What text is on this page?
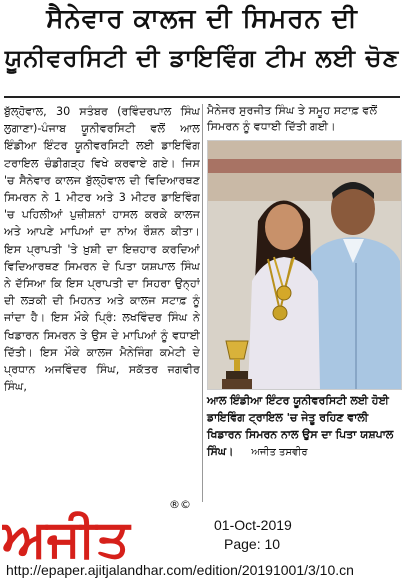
ਸੈਨੇਵਾਰ ਕਾਲਜ ਦੀ ਸਿਮਰਨ ਦੀ
ਯੂਨੀਵਰਸਿਟੀ ਦੀ ਡਾਇਵਿੰਗ ਟੀਮ ਲਈ ਚੋਣ

ਬੁੱਲ੍ਹੋਵਾਲ, 30 ਸਤੰਬਰ (ਰਵਿੰਦਰਪਾਲ ਸਿੰਘ ਲੁਗਾਣਾ)-ਪੰਜਾਬ ਯੂਨੀਵਰਸਿਟੀ ਵਲੋਂ ਆਲ ਇੰਡੀਆ ਇੰਟਰ ਯੂਨੀਵਰਸਿਟੀ ਲਈ ਡਾਇਵਿੰਗ ਟਰਾਇਲ ਚੰਡੀਗੜ੍ਹ ਵਿਖੇ ਕਰਵਾਏ ਗਏ। ਜਿਸ 'ਚ ਸੈਨੇਵਾਰ ਕਾਲਜ ਬੁੱਲ੍ਹੋਵਾਲ ਦੀ ਵਿਦਿਆਰਥਣ ਸਿਮਰਨ ਨੇ 1 ਮੀਟਰ ਅਤੇ 3 ਮੀਟਰ ਡਾਇਵਿੰਗ 'ਚ ਪਹਿਲੀਆਂ ਪੁਜ਼ੀਸ਼ਨਾਂ ਹਾਸਲ ਕਰਕੇ ਕਾਲਜ ਅਤੇ ਆਪਣੇ ਮਾਪਿਆਂ ਦਾ ਨਾਂਅ ਰੌਸ਼ਨ ਕੀਤਾ। ਇਸ ਪ੍ਰਾਪਤੀ 'ਤੇ ਖ਼ੁਸ਼ੀ ਦਾ ਇਜ਼ਹਾਰ ਕਰਦਿਆਂ ਵਿਦਿਆਰਥਣ ਸਿਮਰਨ ਦੇ ਪਿਤਾ ਯਸ਼ਪਾਲ ਸਿੰਘ ਨੇ ਦੱਸਿਆ ਕਿ ਇਸ ਪ੍ਰਾਪਤੀ ਦਾ ਸਿਹਰਾ ਉਨ੍ਹਾਂ ਦੀ ਲੜਕੀ ਦੀ ਮਿਹਨਤ ਅਤੇ ਕਾਲਜ ਸਟਾਫ਼ ਨੂੰ ਜਾਂਦਾ ਹੈ। ਇਸ ਮੌਕੇ ਪ੍ਰਿੰ: ਲਖਵਿੰਦਰ ਸਿੰਘ ਨੇ ਖਿਡਾਰਨ ਸਿਮਰਨ ਤੇ ਉਸ ਦੇ ਮਾਪਿਆਂ ਨੂੰ ਵਧਾਈ ਦਿੱਤੀ। ਇਸ ਮੌਕੇ ਕਾਲਜ ਮੈਨੇਜਿੰਗ ਕਮੇਟੀ ਦੇ ਪ੍ਰਧਾਨ ਅਜਵਿੰਦਰ ਸਿੰਘ, ਸਕੱਤਰ ਜਗਵੀਰ ਸਿੰਘ,

ਮੈਨੇਜਰ ਸੁਰਜੀਤ ਸਿੰਘ ਤੇ ਸਮੂਹ ਸਟਾਫ਼ ਵਲੋਂ ਸਿਮਰਨ ਨੂੰ ਵਧਾਈ ਦਿੱਤੀ ਗਈ।

ਆਲ ਇੰਡੀਆ ਇੰਟਰ ਯੂਨੀਵਰਸਿਟੀ ਲਈ ਹੋਈ ਡਾਇਵਿੰਗ ਟ੍ਰਾਇਲ 'ਚ ਜੇਤੂ ਰਹਿਣ ਵਾਲੀ ਖਿਡਾਰਨ ਸਿਮਰਨ ਨਾਲ ਉਸ ਦਾ ਪਿਤਾ ਯਸ਼ਪਾਲ ਸਿੰਘ। ਅਜੀਤ ਤਸਵੀਰ

ਅਜੀਤ
®©
01-Oct-2019
Page: 10
http://epaper.ajitjalandhar.com/edition/20191001/3/10.cn
